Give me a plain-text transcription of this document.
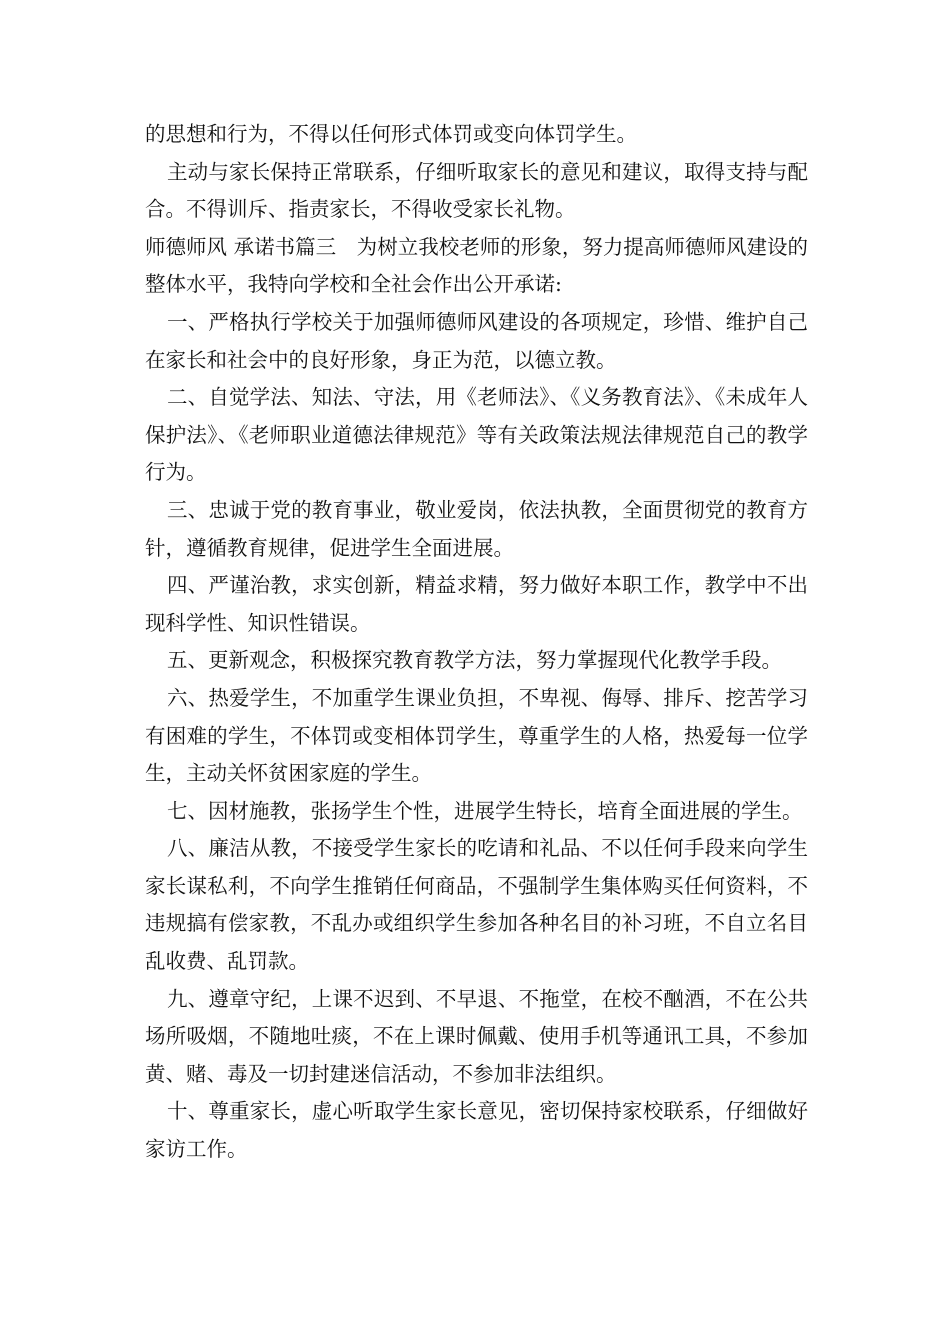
的思想和行为，不得以任何形式体罚或变向体罚学生。

主动与家长保持正常联系，仔细听取家长的意见和建议，取得支持与配合。不得训斥、指责家长，不得收受家长礼物。

师德师风 承诺书篇三　为树立我校老师的形象，努力提高师德师风建设的整体水平，我特向学校和全社会作出公开承诺:

一、严格执行学校关于加强师德师风建设的各项规定，珍惜、维护自己在家长和社会中的良好形象，身正为范，以德立教。

二、自觉学法、知法、守法，用《老师法》、《义务教育法》、《未成年人保护法》、《老师职业道德法律规范》等有关政策法规法律规范自己的教学行为。

三、忠诚于党的教育事业，敬业爱岗，依法执教，全面贯彻党的教育方针，遵循教育规律，促进学生全面进展。

四、严谨治教，求实创新，精益求精，努力做好本职工作，教学中不出现科学性、知识性错误。

五、更新观念，积极探究教育教学方法，努力掌握现代化教学手段。

六、热爱学生，不加重学生课业负担，不卑视、侮辱、排斥、挖苦学习有困难的学生，不体罚或变相体罚学生，尊重学生的人格，热爱每一位学生，主动关怀贫困家庭的学生。

七、因材施教，张扬学生个性，进展学生特长，培育全面进展的学生。

八、廉洁从教，不接受学生家长的吃请和礼品、不以任何手段来向学生家长谋私利，不向学生推销任何商品，不强制学生集体购买任何资料，不违规搞有偿家教，不乱办或组织学生参加各种名目的补习班，不自立名目乱收费、乱罚款。

九、遵章守纪，上课不迟到、不早退、不拖堂，在校不酗酒，不在公共场所吸烟，不随地吐痰，不在上课时佩戴、使用手机等通讯工具，不参加黄、赌、毒及一切封建迷信活动，不参加非法组织。

十、尊重家长，虚心听取学生家长意见，密切保持家校联系，仔细做好家访工作。
